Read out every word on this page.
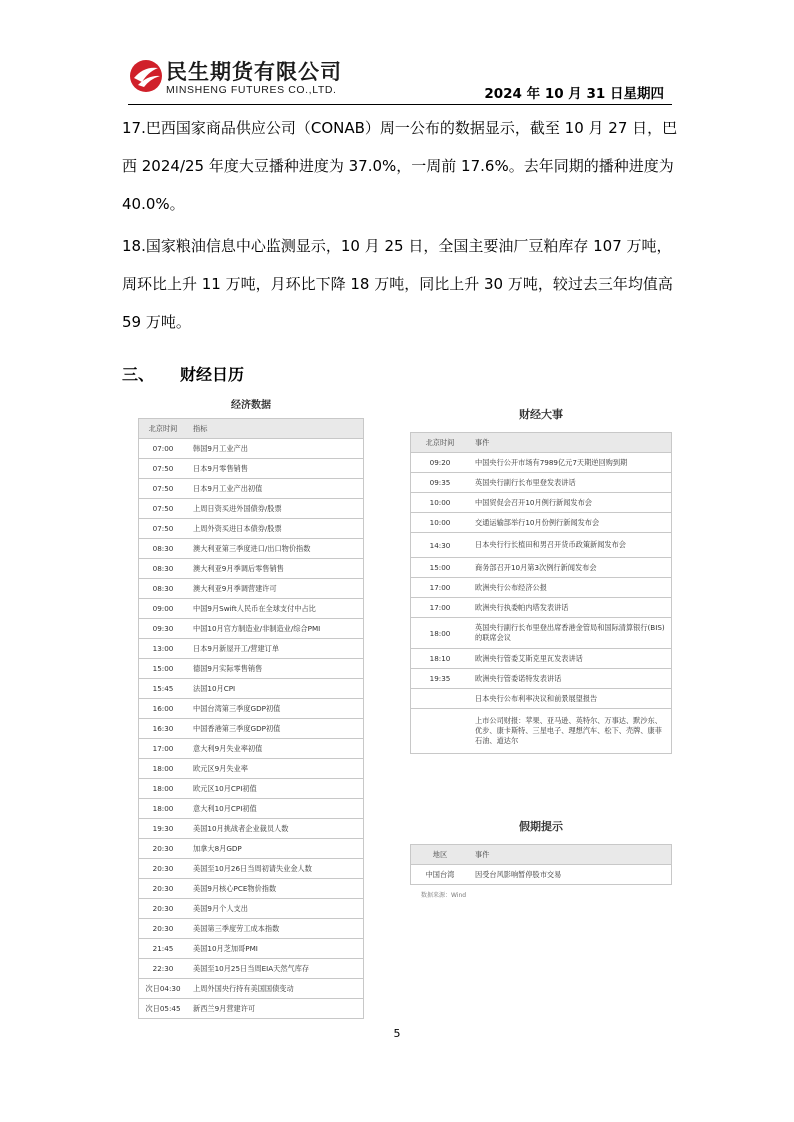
民生期货有限公司
MINSHENG FUTURES CO.,LTD.	2024 年 10 月 31 日星期四
17.巴西国家商品供应公司（CONAB）周一公布的数据显示，截至 10 月 27 日，巴西 2024/25 年度大豆播种进度为 37.0%，一周前 17.6%。去年同期的播种进度为 40.0%。
18.国家粮油信息中心监测显示，10 月 25 日，全国主要油厂豆粕库存 107 万吨，周环比上升 11 万吨，月环比下降 18 万吨，同比上升 30 万吨，较过去三年均值高 59 万吨。
三、 财经日历
经济数据
北京时间	指标
07:00	韩国9月工业产出
07:50	日本9月零售销售
07:50	日本9月工业产出初值
07:50	上周日资买进外国债券/股票
07:50	上周外资买进日本债券/股票
08:30	澳大利亚第三季度进口/出口物价指数
08:30	澳大利亚9月季调后零售销售
08:30	澳大利亚9月季调营建许可
09:00	中国9月Swift人民币在全球支付中占比
09:30	中国10月官方制造业/非制造业/综合PMI
13:00	日本9月新屋开工/营建订单
15:00	德国9月实际零售销售
15:45	法国10月CPI
16:00	中国台湾第三季度GDP初值
16:30	中国香港第三季度GDP初值
17:00	意大利9月失业率初值
18:00	欧元区9月失业率
18:00	欧元区10月CPI初值
18:00	意大利10月CPI初值
19:30	美国10月挑战者企业裁员人数
20:30	加拿大8月GDP
20:30	美国至10月26日当周初请失业金人数
20:30	美国9月核心PCE物价指数
20:30	美国9月个人支出
20:30	美国第三季度劳工成本指数
21:45	美国10月芝加哥PMI
22:30	美国至10月25日当周EIA天然气库存
次日04:30	上周外国央行持有美国国债变动
次日05:45	新西兰9月营建许可
财经大事
北京时间	事件
09:20	中国央行公开市场有7989亿元7天期逆回购到期
09:35	英国央行副行长布里登发表讲话
10:00	中国贸促会召开10月例行新闻发布会
10:00	交通运输部举行10月份例行新闻发布会
14:30	日本央行行长植田和男召开货币政策新闻发布会
15:00	商务部召开10月第3次例行新闻发布会
17:00	欧洲央行公布经济公报
17:00	欧洲央行执委帕内塔发表讲话
18:00	英国央行副行长布里登出席香港金管局和国际清算银行(BIS)的联席会议
18:10	欧洲央行管委艾斯克里瓦发表讲话
19:35	欧洲央行管委诺特发表讲话
	日本央行公布利率决议和前景展望报告
	上市公司财报：苹果、亚马逊、英特尔、万事达、默沙东、优步、康卡斯特、三星电子、理想汽车、松下、壳牌、康菲石油、道达尔
假期提示
地区	事件
中国台湾	因受台风影响暂停股市交易
数据来源：Wind
5
